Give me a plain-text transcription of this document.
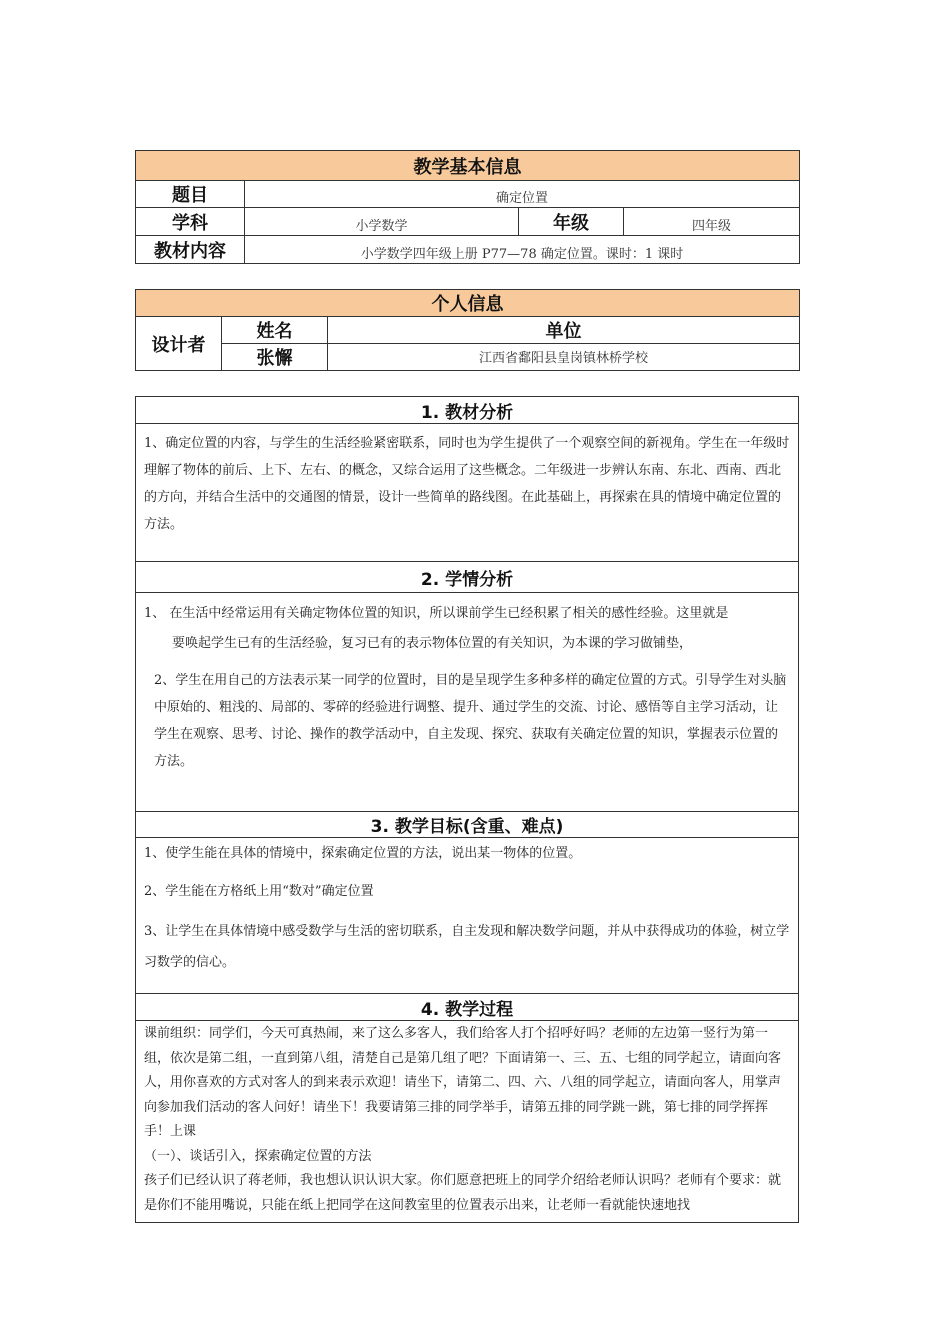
教学基本信息			
题目	确定位置		
学科	小学数学	年级	四年级
教材内容	小学数学四年级上册 P77—78 确定位置。课时：1 课时		
个人信息		
设计者	姓名	单位
	张懈	江西省鄱阳县皇岗镇林桥学校
1. 教材分析

1、确定位置的内容，与学生的生活经验紧密联系，同时也为学生提供了一个观察空间的新视角。学生在一年级时理解了物体的前后、上下、左右、的概念，又综合运用了这些概念。二年级进一步辨认东南、东北、西南、西北的方向，并结合生活中的交通图的情景，设计一些简单的路线图。在此基础上，再探索在具的情境中确定位置的方法。

2. 学情分析

1、 在生活中经常运用有关确定物体位置的知识，所以课前学生已经积累了相关的感性经验。这里就是

要唤起学生已有的生活经验，复习已有的表示物体位置的有关知识，为本课的学习做铺垫，

2、学生在用自己的方法表示某一同学的位置时，目的是呈现学生多种多样的确定位置的方式。引导学生对头脑中原始的、粗浅的、局部的、零碎的经验进行调整、提升、通过学生的交流、讨论、感悟等自主学习活动，让学生在观察、思考、讨论、操作的教学活动中，自主发现、探究、获取有关确定位置的知识，掌握表示位置的方法。

3. 教学目标(含重、难点)

1、使学生能在具体的情境中，探索确定位置的方法，说出某一物体的位置。

2、学生能在方格纸上用“数对”确定位置

3、让学生在具体情境中感受数学与生活的密切联系，自主发现和解决数学问题，并从中获得成功的体验，树立学习数学的信心。

4. 教学过程

课前组织：同学们，今天可真热闹，来了这么多客人，我们给客人打个招呼好吗？老师的左边第一竖行为第一组，依次是第二组，一直到第八组，清楚自己是第几组了吧？下面请第一、三、五、七组的同学起立，请面向客人，用你喜欢的方式对客人的到来表示欢迎！请坐下，请第二、四、六、八组的同学起立，请面向客人，用掌声向参加我们活动的客人问好！请坐下！我要请第三排的同学举手，请第五排的同学跳一跳，第七排的同学挥挥手！上课

（一）、谈话引入，探索确定位置的方法

孩子们已经认识了蒋老师，我也想认识认识大家。你们愿意把班上的同学介绍给老师认识吗？老师有个要求：就是你们不能用嘴说，只能在纸上把同学在这间教室里的位置表示出来，让老师一看就能快速地找
